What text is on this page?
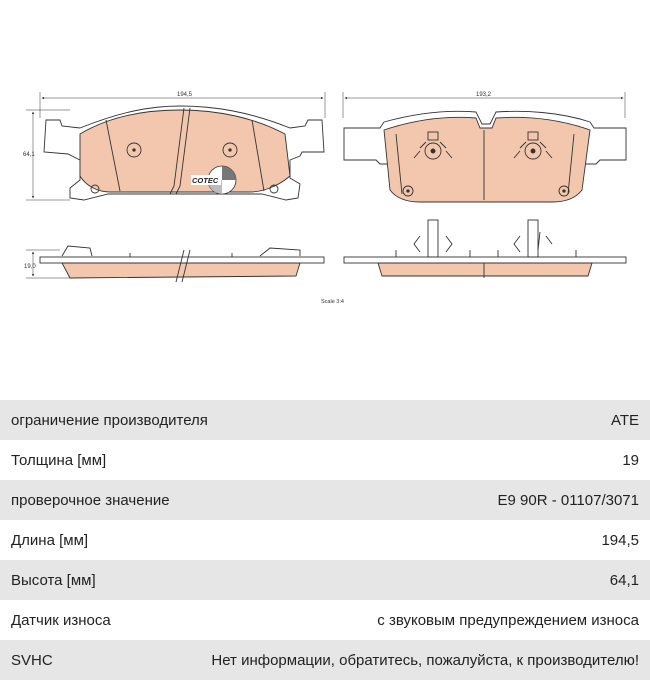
COTEC
194,5
64,1
19,0
193,2
Scale 3:4
ограничение производителя	ATE
Толщина [мм]	19
проверочное значение	E9 90R - 01107/3071
Длина [мм]	194,5
Высота [мм]	64,1
Датчик износа	с звуковым предупреждением износа
SVHC	Нет информации, обратитесь, пожалуйста, к производителю!
